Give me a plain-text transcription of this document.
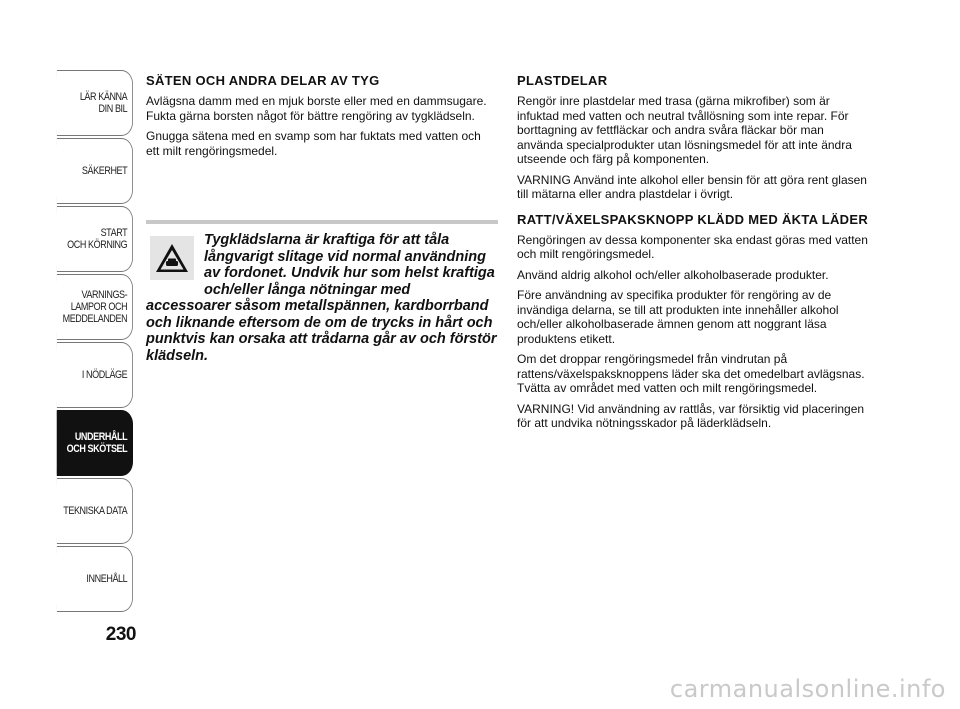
LÄR KÄNNA
DIN BIL
SÄKERHET
START
OCH KÖRNING
VARNINGS-
LAMPOR OCH
MEDDELANDEN
I NÖDLÄGE
UNDERHÅLL
OCH SKÖTSEL
TEKNISKA DATA
INNEHÅLL
230
SÄTEN OCH ANDRA DELAR AV TYG

Avlägsna damm med en mjuk borste eller med en dammsugare. Fukta gärna borsten något för bättre rengöring av tygklädseln.

Gnugga sätena med en svamp som har fuktats med vatten och ett milt rengöringsmedel.

Tygklädslarna är kraftiga för att tåla långvarigt slitage vid normal användning av fordonet. Undvik hur som helst kraftiga och/eller långa nötningar med accessoarer såsom metallspännen, kardborrband och liknande eftersom de om de trycks in hårt och punktvis kan orsaka att trådarna går av och förstör klädseln.

PLASTDELAR

Rengör inre plastdelar med trasa (gärna mikrofiber) som är infuktad med vatten och neutral tvållösning som inte repar. För borttagning av fettfläckar och andra svåra fläckar bör man använda specialprodukter utan lösningsmedel för att inte ändra utseende och färg på komponenten.

VARNING Använd inte alkohol eller bensin för att göra rent glasen till mätarna eller andra plastdelar i övrigt.

RATT/VÄXELSPAKSKNOPP KLÄDD MED ÄKTA LÄDER

Rengöringen av dessa komponenter ska endast göras med vatten och milt rengöringsmedel.

Använd aldrig alkohol och/eller alkoholbaserade produkter.

Före användning av specifika produkter för rengöring av de invändiga delarna, se till att produkten inte innehåller alkohol och/eller alkoholbaserade ämnen genom att noggrant läsa produktens etikett.

Om det droppar rengöringsmedel från vindrutan på rattens/växelspaksknoppens läder ska det omedelbart avlägsnas. Tvätta av området med vatten och milt rengöringsmedel.

VARNING! Vid användning av rattlås, var försiktig vid placeringen för att undvika nötningsskador på läderklädseln.

carmanualsonline.info
